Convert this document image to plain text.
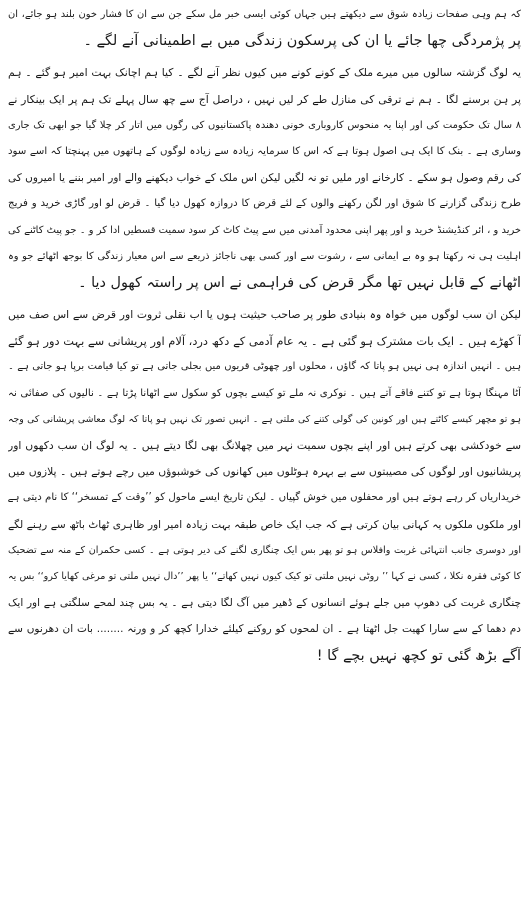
کہ ہم وہی صفحات زیادہ شوق سے دیکھتے ہیں جہاں کوئی ایسی خبر مل سکے جن سے ان کا فشار خون بلند ہو جائے، ان
پر پژمردگی چھا جائے یا ان کی پرسکون زندگی میں بے اطمینانی آنے لگے ۔
یہ لوگ گزشتہ سالوں میں میرے ملک کے کونے کونے میں کیوں نظر آنے لگے ۔ کیا ہم اچانک بہت امیر ہو گئے ۔ ہم
پر ہن برسنے لگا ۔ ہم نے ترقی کی منازل طے کر لیں نہیں ، دراصل آج سے چھ سال پہلے تک ہم پر ایک بینکار نے
۸ سال تک حکومت کی اور اپنا یہ منحوس کاروباری خونی دھندہ پاکستانیوں کی رگوں میں اتار کر چلا گیا جو ابھی تک جاری
وساری ہے ۔ بنک کا ایک ہی اصول ہوتا ہے کہ اس کا سرمایہ زیادہ سے زیادہ لوگوں کے ہاتھوں میں پہنچتا کہ اسے سود
کی رقم وصول ہو سکے ۔ کارخانے اور ملیں تو نہ لگیں لیکن اس ملک کے خواب دیکھنے والے اور امیر بننے یا امیروں کی
طرح زندگی گزارنے کا شوق اور لگن رکھنے والوں کے لئے قرض کا دروازہ کھول دیا گیا ۔ قرض لو اور گاڑی خرید و فریج
خرید و ، ائر کنڈیشنڈ خرید و اور پھر اپنی محدود آمدنی میں سے پیٹ کاٹ کر سود سمیت قسطیں ادا کر و ۔ جو پیٹ کاٹنے کی
اہلیت ہی نہ رکھتا ہو وہ بے ایمانی سے ، رشوت سے اور کسی بھی ناجائز ذریعے سے اس معیار زندگی کا بوجھ اٹھائے جو وہ
اٹھانے کے قابل نہیں تھا مگر قرض کی فراہمی نے اس پر راستہ کھول دیا ۔
لیکن ان سب لوگوں میں خواہ وہ بنیادی طور پر صاحب حیثیت ہوں یا اب نقلی ثروت اور قرض سے اس صف میں
آ کھڑے ہیں ۔ ایک بات مشترک ہو گئی ہے ۔ یہ عام آدمی کے دکھ درد، آلام اور پریشانی سے بہت دور ہو گئے
ہیں ۔ انہیں اندازہ ہی نہیں ہو پاتا کہ گاؤں ، محلوں اور چھوٹی قریوں میں بجلی جاتی ہے تو کیا قیامت برپا ہو جاتی ہے ۔
آٹا مہنگا ہوتا ہے تو کتنے فاقے آتے ہیں ۔ نوکری نہ ملے تو کیسے بچوں کو سکول سے اٹھانا پڑتا ہے ۔ نالیوں کی صفائی نہ
ہو تو مچھر کیسے کاٹتے ہیں اور کونین کی گولی کتنے کی ملتی ہے ۔ انہیں تصور تک نہیں ہو پاتا کہ لوگ معاشی پریشانی کی وجہ
سے خودکشی بھی کرتے ہیں اور اپنے بچوں سمیت نہر میں چھلانگ بھی لگا دیتے ہیں ۔ یہ لوگ ان سب دکھوں اور
پریشانیوں اور لوگوں کی مصیبتوں سے بے بہرہ ہوٹلوں میں کھانوں کی خوشبوؤں میں رچے ہوتے ہیں ۔ پلازوں میں
خریداریاں کر رہے ہوتے ہیں اور محفلوں میں خوش گپیاں ۔ لیکن تاریخ ایسے ماحول کو ’’وقت کے تمسخر‘‘ کا نام دیتی ہے
اور ملکوں ملکوں یہ کہانی بیان کرتی ہے کہ جب ایک خاص طبقہ بہت زیادہ امیر اور ظاہری ٹھاٹ باٹھ سے رہنے لگے
اور دوسری جانب انتہائی غربت وافلاس ہو تو پھر بس ایک چنگاری لگنے کی دیر ہوتی ہے ۔ کسی حکمران کے منہ سے تضحیک
کا کوئی فقرہ نکلا ، کسی نے کہا ’’ روٹی نہیں ملتی تو کیک کیوں نہیں کھاتے‘‘ یا پھر ’’دال نہیں ملتی تو مرغی کھایا کرو‘‘ بس یہ
چنگاری غربت کی دھوپ میں جلے ہوئے انسانوں کے ڈھیر میں آگ لگا دیتی ہے ۔ یہ بس چند لمحے سلگتی ہے اور ایک
دم دھما کے سے سارا کھیت جل اٹھتا ہے ۔ ان لمحوں کو روکنے کیلئے خدارا کچھ کر و ورنہ ........ بات ان دھرنوں سے
آگے بڑھ گئی تو کچھ نہیں بچے گا !
